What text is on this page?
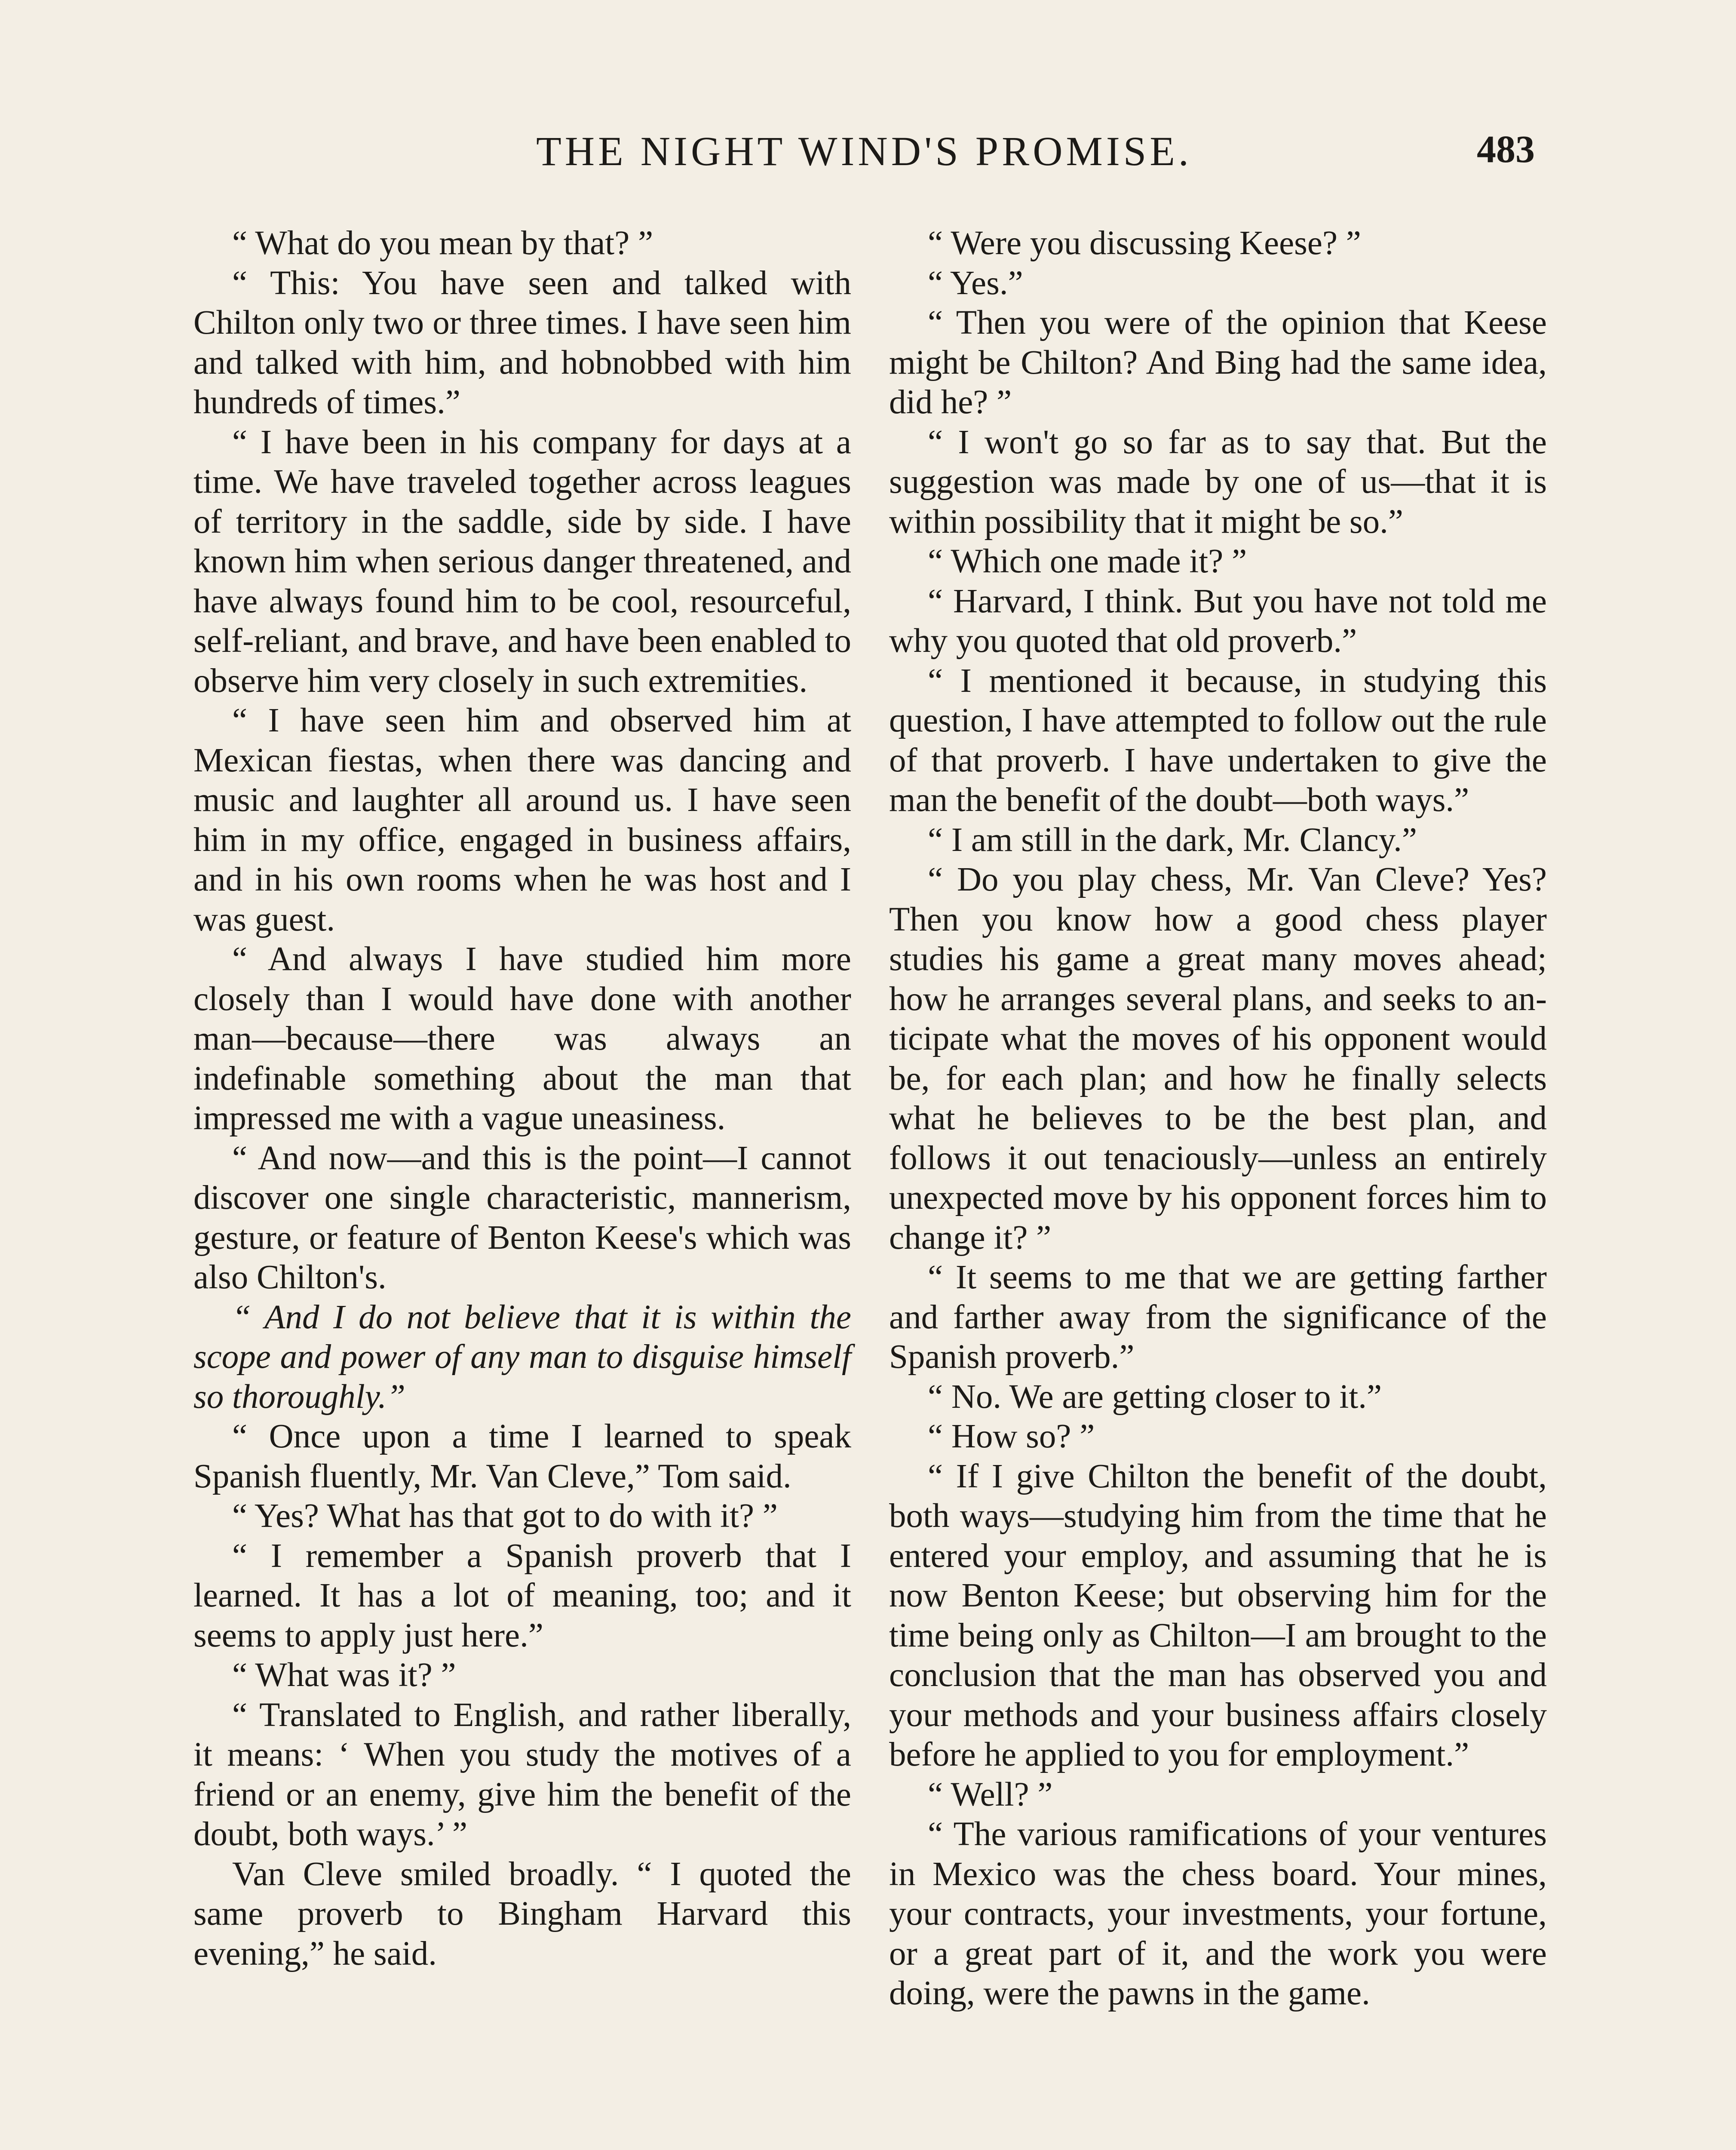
THE NIGHT WIND'S PROMISE.	483

“ What do you mean by that? ”

“ This: You have seen and talked with Chilton only two or three times. I have seen him and talked with him, and hobnobbed with him hundreds of times.”

“ I have been in his company for days at a time. We have traveled together across leagues of territory in the saddle, side by side. I have known him when serious danger threatened, and have always found him to be cool, resourceful, self-reliant, and brave, and have been enabled to observe him very closely in such extremities.

“ I have seen him and observed him at Mexican fiestas, when there was dancing and music and laughter all around us. I have seen him in my office, engaged in business affairs, and in his own rooms when he was host and I was guest.

“ And always I have studied him more closely than I would have done with another man—because—there was always an indefinable something about the man that impressed me with a vague uneasiness.

“ And now—and this is the point—I cannot discover one single characteristic, mannerism, gesture, or feature of Benton Keese's which was also Chilton's.

“ And I do not believe that it is within the scope and power of any man to disguise himself so thoroughly.”

“ Once upon a time I learned to speak Spanish fluently, Mr. Van Cleve,” Tom said.

“ Yes? What has that got to do with it? ”

“ I remember a Spanish proverb that I learned. It has a lot of meaning, too; and it seems to apply just here.”

“ What was it? ”

“ Translated to English, and rather liberally, it means: ‘ When you study the motives of a friend or an enemy, give him the benefit of the doubt, both ways.’ ”

Van Cleve smiled broadly. “ I quoted the same proverb to Bingham Harvard this evening,” he said.

“ Were you discussing Keese? ”

“ Yes.”

“ Then you were of the opinion that Keese might be Chilton? And Bing had the same idea, did he? ”

“ I won't go so far as to say that. But the suggestion was made by one of us—that it is within possibility that it might be so.”

“ Which one made it? ”

“ Harvard, I think. But you have not told me why you quoted that old proverb.”

“ I mentioned it because, in studying this question, I have attempted to follow out the rule of that proverb. I have undertaken to give the man the benefit of the doubt—both ways.”

“ I am still in the dark, Mr. Clancy.”

“ Do you play chess, Mr. Van Cleve? Yes? Then you know how a good chess player studies his game a great many moves ahead; how he arranges several plans, and seeks to anticipate what the moves of his opponent would be, for each plan; and how he finally selects what he believes to be the best plan, and follows it out tenaciously—unless an entirely unexpected move by his opponent forces him to change it? ”

“ It seems to me that we are getting farther and farther away from the significance of the Spanish proverb.”

“ No. We are getting closer to it.”

“ How so? ”

“ If I give Chilton the benefit of the doubt, both ways—studying him from the time that he entered your employ, and assuming that he is now Benton Keese; but observing him for the time being only as Chilton—I am brought to the conclusion that the man has observed you and your methods and your business affairs closely before he applied to you for employment.”

“ Well? ”

“ The various ramifications of your ventures in Mexico was the chess board. Your mines, your contracts, your investments, your fortune, or a great part of it, and the work you were doing, were the pawns in the game.
